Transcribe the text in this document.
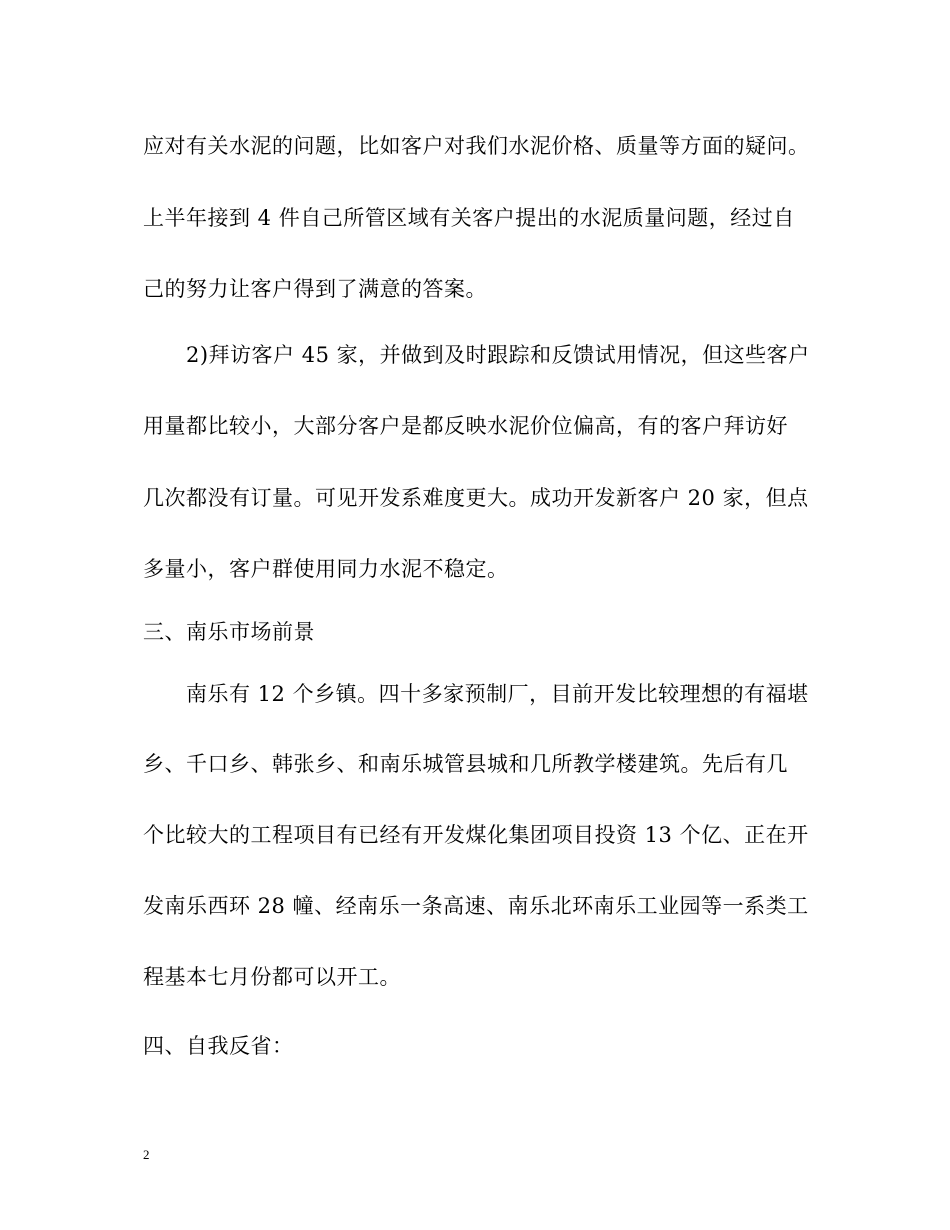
应对有关水泥的问题，比如客户对我们水泥价格、质量等方面的疑问。
上半年接到 4 件自己所管区域有关客户提出的水泥质量问题，经过自
己的努力让客户得到了满意的答案。
2)拜访客户 45 家，并做到及时跟踪和反馈试用情况，但这些客户
用量都比较小，大部分客户是都反映水泥价位偏高，有的客户拜访好
几次都没有订量。可见开发系难度更大。成功开发新客户 20 家，但点
多量小，客户群使用同力水泥不稳定。
三、南乐市场前景
南乐有 12 个乡镇。四十多家预制厂，目前开发比较理想的有福堪
乡、千口乡、韩张乡、和南乐城管县城和几所教学楼建筑。先后有几
个比较大的工程项目有已经有开发煤化集团项目投资 13 个亿、正在开
发南乐西环 28 幢、经南乐一条高速、南乐北环南乐工业园等一系类工
程基本七月份都可以开工。
四、自我反省：
2
